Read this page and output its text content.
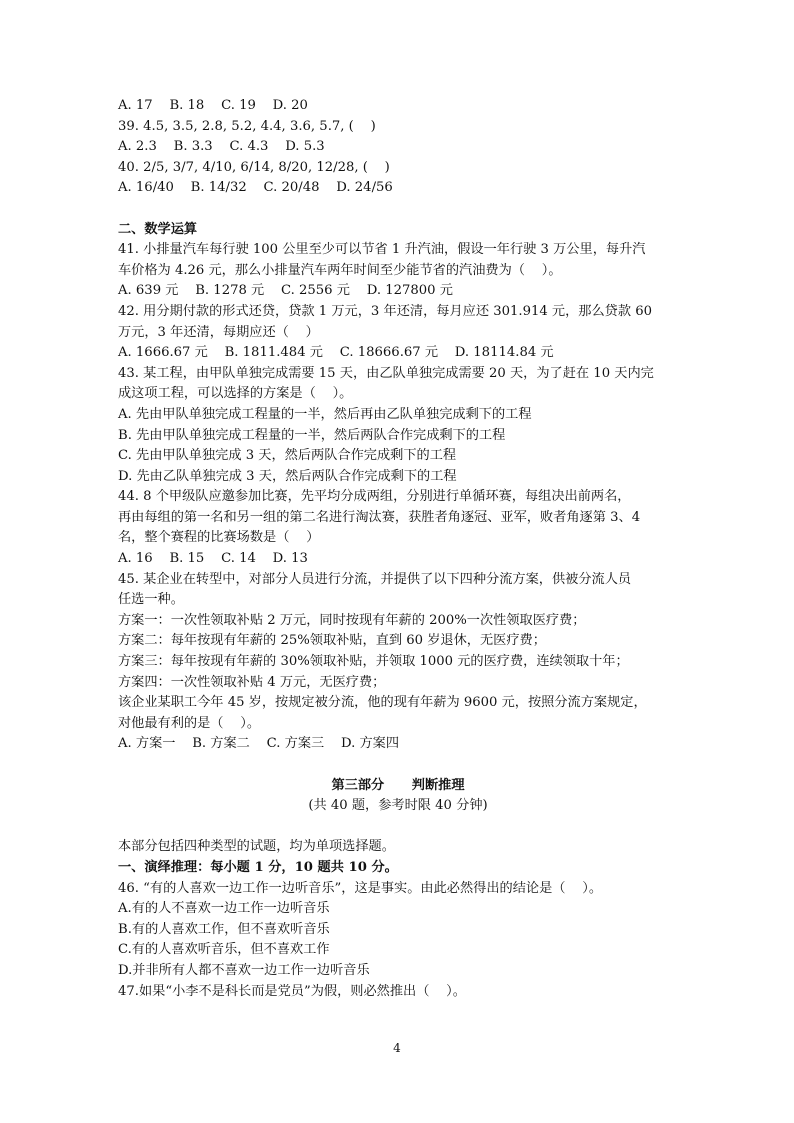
A. 17    B. 18    C. 19    D. 20
39. 4.5, 3.5, 2.8, 5.2, 4.4, 3.6, 5.7, (    )
A. 2.3    B. 3.3    C. 4.3    D. 5.3
40. 2/5, 3/7, 4/10, 6/14, 8/20, 12/28, (    )
A. 16/40    B. 14/32    C. 20/48    D. 24/56
二、数学运算
41. 小排量汽车每行驶 100 公里至少可以节省 1 升汽油，假设一年行驶 3 万公里，每升汽
车价格为 4.26 元，那么小排量汽车两年时间至少能节省的汽油费为（    ）。
A. 639 元    B. 1278 元    C. 2556 元    D. 127800 元
42. 用分期付款的形式还贷，贷款 1 万元，3 年还清，每月应还 301.914 元，那么贷款 60
万元，3 年还清，每期应还（    ）
A. 1666.67 元    B. 1811.484 元    C. 18666.67 元    D. 18114.84 元
43. 某工程，由甲队单独完成需要 15 天，由乙队单独完成需要 20 天，为了赶在 10 天内完
成这项工程，可以选择的方案是（    ）。
A. 先由甲队单独完成工程量的一半，然后再由乙队单独完成剩下的工程
B. 先由甲队单独完成工程量的一半，然后两队合作完成剩下的工程
C. 先由甲队单独完成 3 天，然后两队合作完成剩下的工程
D. 先由乙队单独完成 3 天，然后两队合作完成剩下的工程
44. 8 个甲级队应邀参加比赛，先平均分成两组，分别进行单循环赛，每组决出前两名，
再由每组的第一名和另一组的第二名进行淘汰赛，获胜者角逐冠、亚军，败者角逐第 3、4
名，整个赛程的比赛场数是（    ）
A. 16    B. 15    C. 14    D. 13
45. 某企业在转型中，对部分人员进行分流，并提供了以下四种分流方案，供被分流人员
任选一种。
方案一：一次性领取补贴 2 万元，同时按现有年薪的 200%一次性领取医疗费；
方案二：每年按现有年薪的 25%领取补贴，直到 60 岁退休，无医疗费；
方案三：每年按现有年薪的 30%领取补贴，并领取 1000 元的医疗费，连续领取十年；
方案四：一次性领取补贴 4 万元，无医疗费；
该企业某职工今年 45 岁，按规定被分流，他的现有年薪为 9600 元，按照分流方案规定，
对他最有利的是（    ）。
A. 方案一    B. 方案二    C. 方案三    D. 方案四
第三部分      判断推理
(共 40 题，参考时限 40 分钟)
本部分包括四种类型的试题，均为单项选择题。
一、演绎推理：每小题 1 分，10 题共 10 分。
46. “有的人喜欢一边工作一边听音乐”，这是事实。由此必然得出的结论是（    ）。
A.有的人不喜欢一边工作一边听音乐
B.有的人喜欢工作，但不喜欢听音乐
C.有的人喜欢听音乐，但不喜欢工作
D.并非所有人都不喜欢一边工作一边听音乐
47.如果“小李不是科长而是党员”为假，则必然推出（    ）。
4
